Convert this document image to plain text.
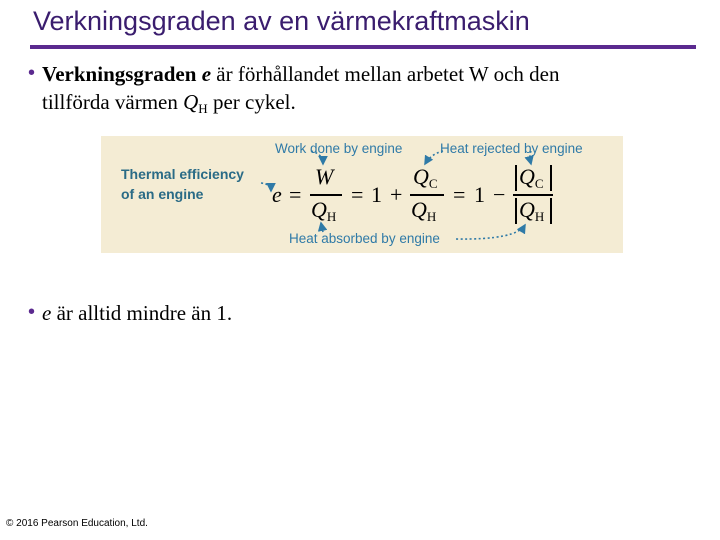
Verkningsgraden av en värmekraftmaskin
• Verkningsgraden e är förhållandet mellan arbetet W och den
tillförda värmen $Q_H$ per cykel.
Thermal efficiency
of an engine
Work done by engine	Heat rejected by engine
Heat absorbed by engine
e =
W
$Q_H$
= 1 +
$Q_C$
$Q_H$
= 1 −
$Q_C$
$Q_H$
• e är alltid mindre än 1.
© 2016 Pearson Education, Ltd.
